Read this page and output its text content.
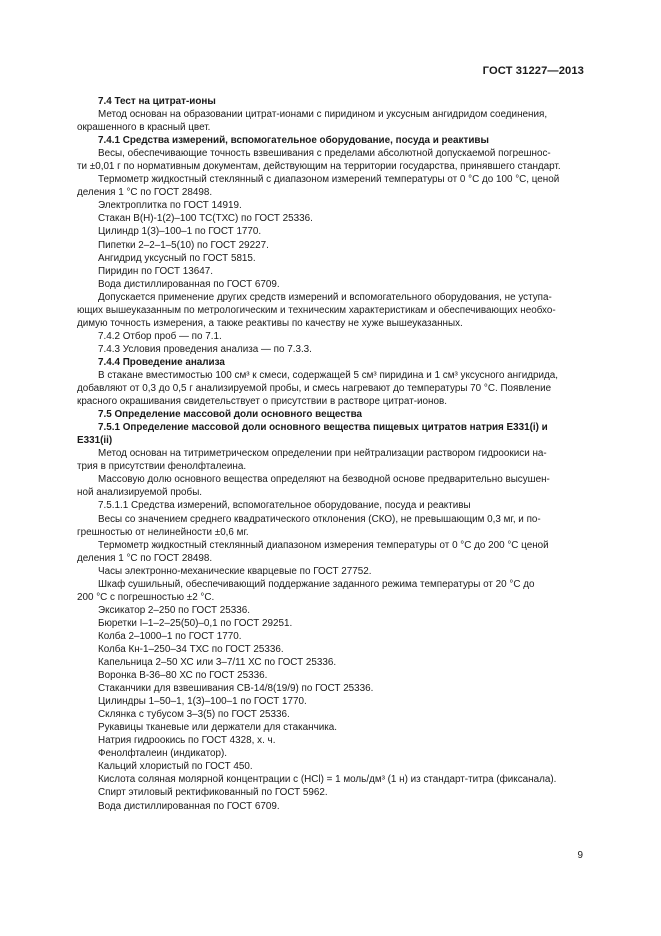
ГОСТ 31227—2013

7.4 Тест на цитрат-ионы

Метод основан на образовании цитрат-ионами с пиридином и уксусным ангидридом соединения,

окрашенного в красный цвет.

7.4.1 Средства измерений, вспомогательное оборудование, посуда и реактивы

Весы, обеспечивающие точность взвешивания с пределами абсолютной допускаемой погрешнос-

ти ±0,01 г по нормативным документам, действующим на территории государства, принявшего стандарт.

Термометр жидкостный стеклянный с диапазоном измерений температуры от 0 °С до 100 °С, ценой

деления 1 °С по ГОСТ 28498.

Электроплитка по ГОСТ 14919.

Стакан В(Н)-1(2)–100 ТС(ТХС) по ГОСТ 25336.

Цилиндр 1(3)–100–1 по ГОСТ 1770.

Пипетки 2–2–1–5(10) по ГОСТ 29227.

Ангидрид уксусный по ГОСТ 5815.

Пиридин по ГОСТ 13647.

Вода дистиллированная по ГОСТ 6709.

Допускается применение других средств измерений и вспомогательного оборудования, не уступа-

ющих вышеуказанным по метрологическим и техническим характеристикам и обеспечивающих необхо-

димую точность измерения, а также реактивы по качеству не хуже вышеуказанных.

7.4.2 Отбор проб — по 7.1.

7.4.3 Условия проведения анализа — по 7.3.3.

7.4.4 Проведение анализа

В стакане вместимостью 100 см³ к смеси, содержащей 5 см³ пиридина и 1 см³ уксусного ангидрида,

добавляют от 0,3 до 0,5 г анализируемой пробы, и смесь нагревают до температуры 70 °С. Появление

красного окрашивания свидетельствует о присутствии в растворе цитрат-ионов.

7.5 Определение массовой доли основного вещества

7.5.1 Определение массовой доли основного вещества пищевых цитратов натрия Е331(i) и

Е331(ii)

Метод основан на титриметрическом определении при нейтрализации раствором гидроокиси на-

трия в присутствии фенолфталеина.

Массовую долю основного вещества определяют на безводной основе предварительно высушен-

ной анализируемой пробы.

7.5.1.1 Средства измерений, вспомогательное оборудование, посуда и реактивы

Весы со значением среднего квадратического отклонения (СКО), не превышающим 0,3 мг, и по-

грешностью от нелинейности ±0,6 мг.

Термометр жидкостный стеклянный диапазоном измерения температуры от 0 °С до 200 °С ценой

деления 1 °С по ГОСТ 28498.

Часы электронно-механические кварцевые по ГОСТ 27752.

Шкаф сушильный, обеспечивающий поддержание заданного режима температуры от 20 °С до

200 °С с погрешностью ±2 °С.

Эксикатор 2–250 по ГОСТ 25336.

Бюретки I–1–2–25(50)–0,1 по ГОСТ 29251.

Колба 2–1000–1 по ГОСТ 1770.

Колба Кн-1–250–34 ТХС по ГОСТ 25336.

Капельница 2–50 ХС или 3–7/11 ХС по ГОСТ 25336.

Воронка В-36–80 ХС по ГОСТ 25336.

Стаканчики для взвешивания СВ-14/8(19/9) по ГОСТ 25336.

Цилиндры 1–50–1, 1(3)–100–1 по ГОСТ 1770.

Склянка с тубусом 3–3(5) по ГОСТ 25336.

Рукавицы тканевые или держатели для стаканчика.

Натрия гидроокись по ГОСТ 4328, х. ч.

Фенолфталеин (индикатор).

Кальций хлористый по ГОСТ 450.

Кислота соляная молярной концентрации с (НСl) = 1 моль/дм³ (1 н) из стандарт-титра (фиксанала).

Спирт этиловый ректификованный по ГОСТ 5962.

Вода дистиллированная по ГОСТ 6709.

9
